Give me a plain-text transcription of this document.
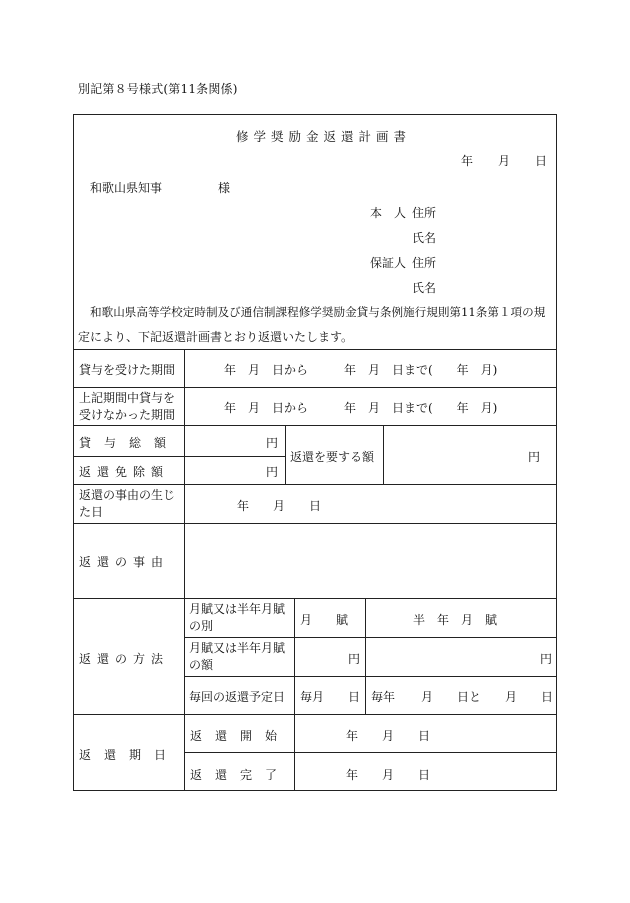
別記第８号様式(第11条関係)
修学奨励金返還計画書
年 月 日
和歌山県知事	様
本　人 住所
氏名
保証人 住所
氏名
和歌山県高等学校定時制及び通信制課程修学奨励金貸与条例施行規則第11条第１項の規
定により、下記返還計画書とおり返還いたします。
貸与を受けた期間	年　月　日から　　　年　月　日まで(　　年　月)
上記期間中貸与を
受けなかった期間	年　月　日から　　　年　月　日まで(　　年　月)
貸与総額	円
返還免除額	円
返還を要する額	円
返還の事由の生じ
た日	年　　月　　日
返還の事由
返還の方法
月賦又は半年月賦
の別	月　　賦	半　年　月　賦
月賦又は半年月賦
の額	円	円
毎回の返還予定日 毎月 日 毎年 月　　日と 月　　日
返還期日
返還開始	年　　月　　日
返還完了	年　　月　　日
